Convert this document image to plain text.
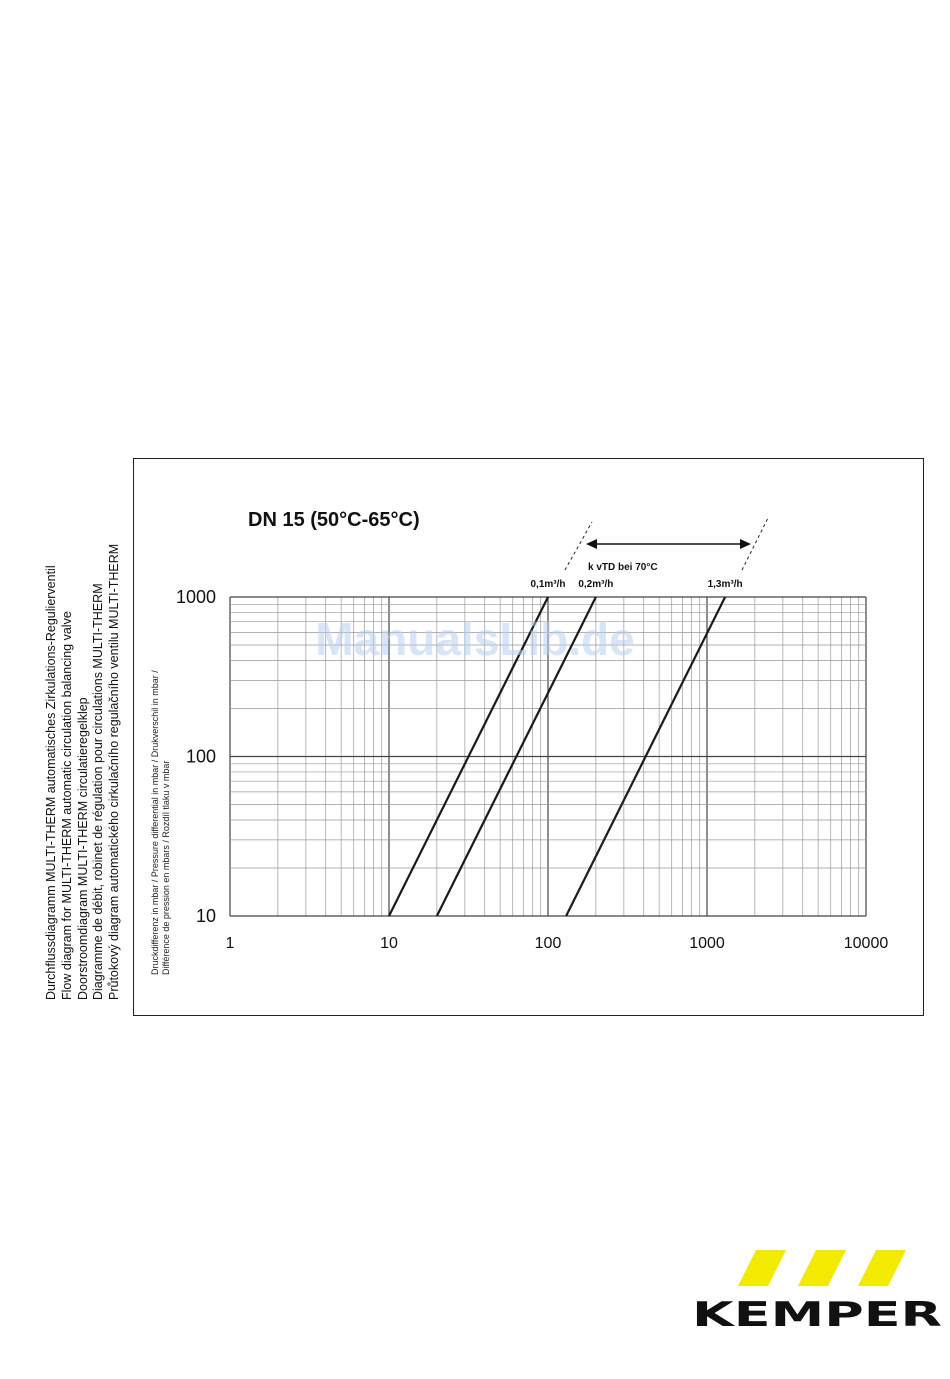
Durchflussdiagramm MULTI-THERM automatisches Zirkulations-Regulierventil Flow diagram for MULTI-THERM automatic circulation balancing valve Doorstroomdiagram MULTI-THERM circulatieregelklep Diagramme de débit, robinet de régulation pour circulations MULTI-THERM Průtokový diagram automatického cirkulačního regulačního ventilu MULTI-THERM	Druckdifferenz in mbar / Pressure differential in mbar / Drukverschil in mbar / Différence de pression en mbars / Rozdíl tlaku v mbar	1	10	100	1000	10000
1000
100
10
0,1m³/h 0,2m³/h	1,3m³/h
DN 15 (50°C-65°C)
k vTD bei 70°C
ManualsLib.de
KEMPER
